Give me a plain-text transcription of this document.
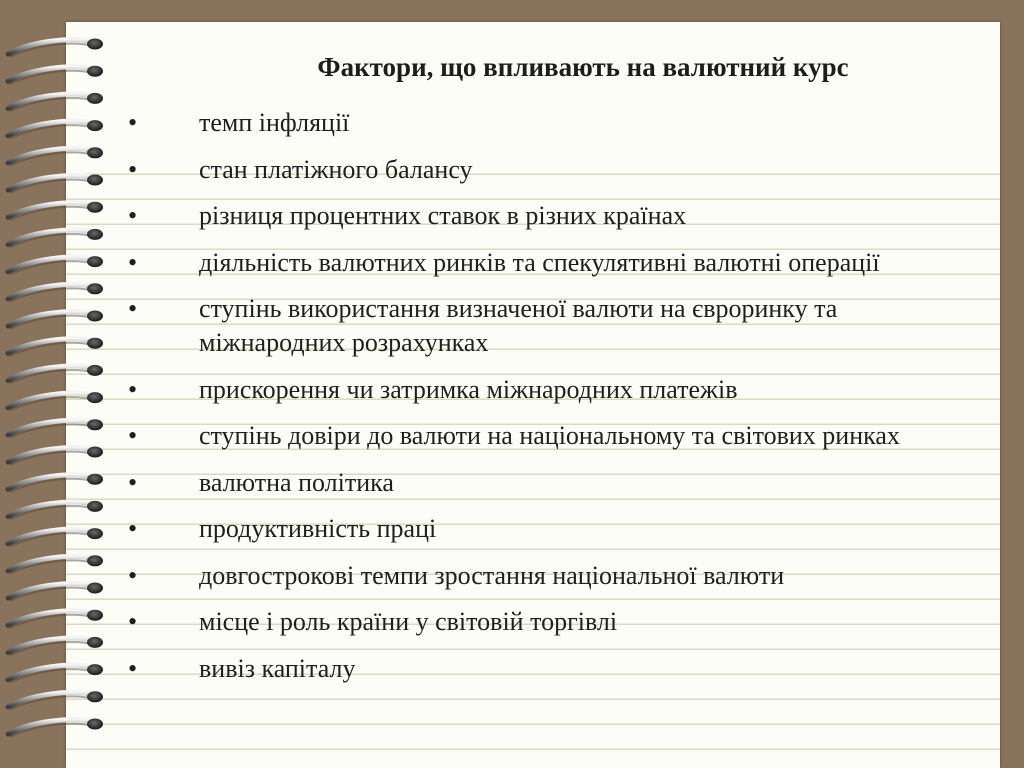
Фактори, що впливають на валютний курс
•	темп інфляції
•	стан платіжного балансу
•	різниця процентних ставок в різних країнах
•	діяльність валютних ринків та спекулятивні валютні операції
•	ступінь використання визначеної валюти на євроринку та міжнародних розрахунках
•	прискорення чи затримка міжнародних платежів
•	ступінь довіри до валюти на національному та світових ринках
•	валютна політика
•	продуктивність праці
•	довгострокові темпи зростання національної валюти
•	місце і роль країни у світовій торгівлі
•	вивіз капіталу
